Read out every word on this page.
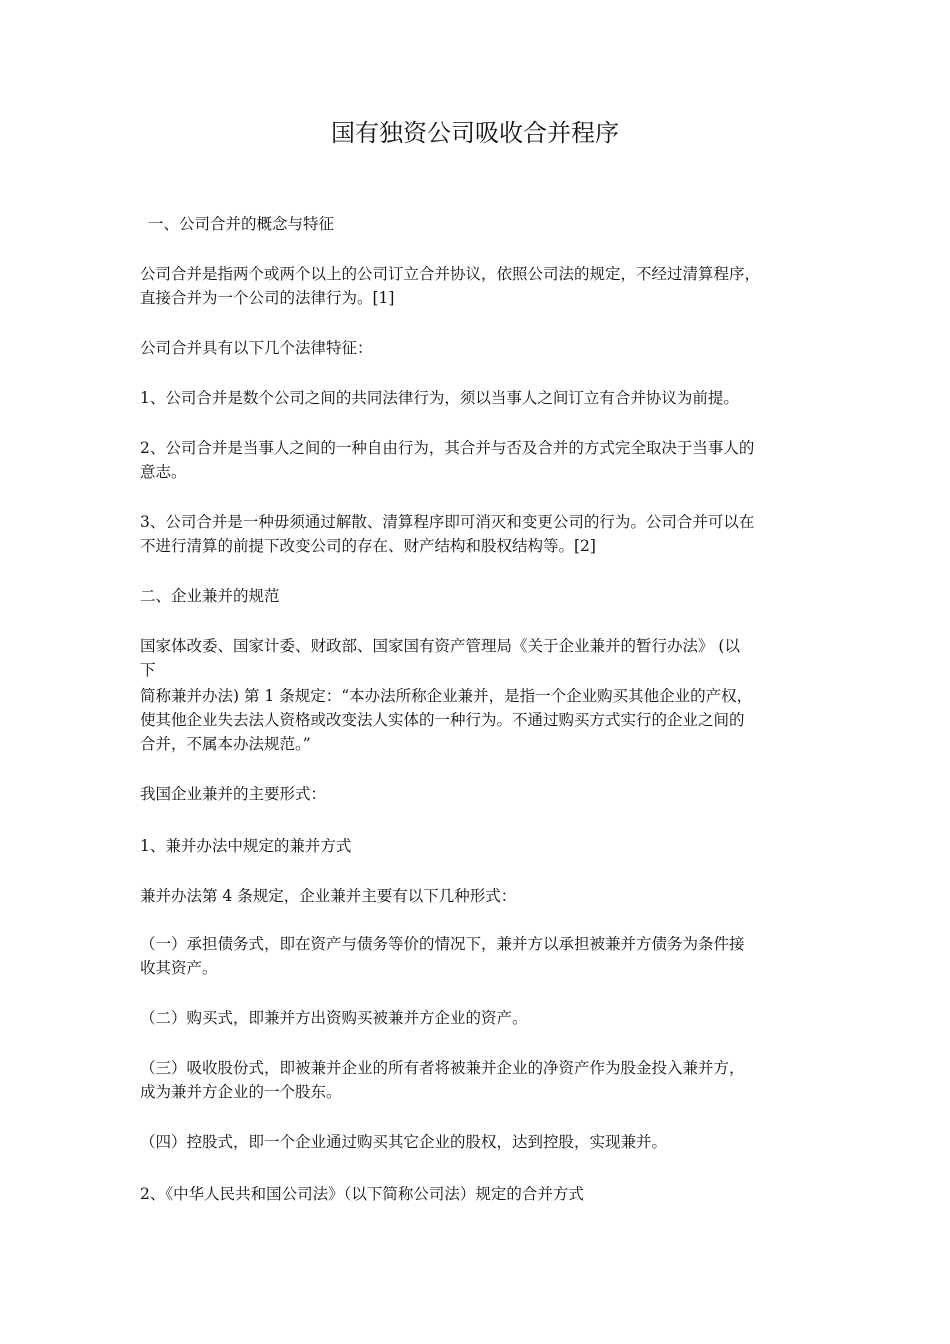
国有独资公司吸收合并程序

一、公司合并的概念与特征

公司合并是指两个或两个以上的公司订立合并协议，依照公司法的规定，不经过清算程序，

直接合并为一个公司的法律行为。[1]

公司合并具有以下几个法律特征：

1、公司合并是数个公司之间的共同法律行为，须以当事人之间订立有合并协议为前提。

2、公司合并是当事人之间的一种自由行为，其合并与否及合并的方式完全取决于当事人的

意志。

3、公司合并是一种毋须通过解散、清算程序即可消灭和变更公司的行为。公司合并可以在

不进行清算的前提下改变公司的存在、财产结构和股权结构等。[2]

二、企业兼并的规范

国家体改委、国家计委、财政部、国家国有资产管理局《关于企业兼并的暂行办法》 (以

下

简称兼并办法) 第 1 条规定：“本办法所称企业兼并，是指一个企业购买其他企业的产权，

使其他企业失去法人资格或改变法人实体的一种行为。不通过购买方式实行的企业之间的

合并，不属本办法规范。”

我国企业兼并的主要形式：

1、兼并办法中规定的兼并方式

兼并办法第 4 条规定，企业兼并主要有以下几种形式：

（一）承担债务式，即在资产与债务等价的情况下，兼并方以承担被兼并方债务为条件接

收其资产。

（二）购买式，即兼并方出资购买被兼并方企业的资产。

（三）吸收股份式，即被兼并企业的所有者将被兼并企业的净资产作为股金投入兼并方，

成为兼并方企业的一个股东。

（四）控股式，即一个企业通过购买其它企业的股权，达到控股，实现兼并。

2、《中华人民共和国公司法》（以下简称公司法）规定的合并方式
